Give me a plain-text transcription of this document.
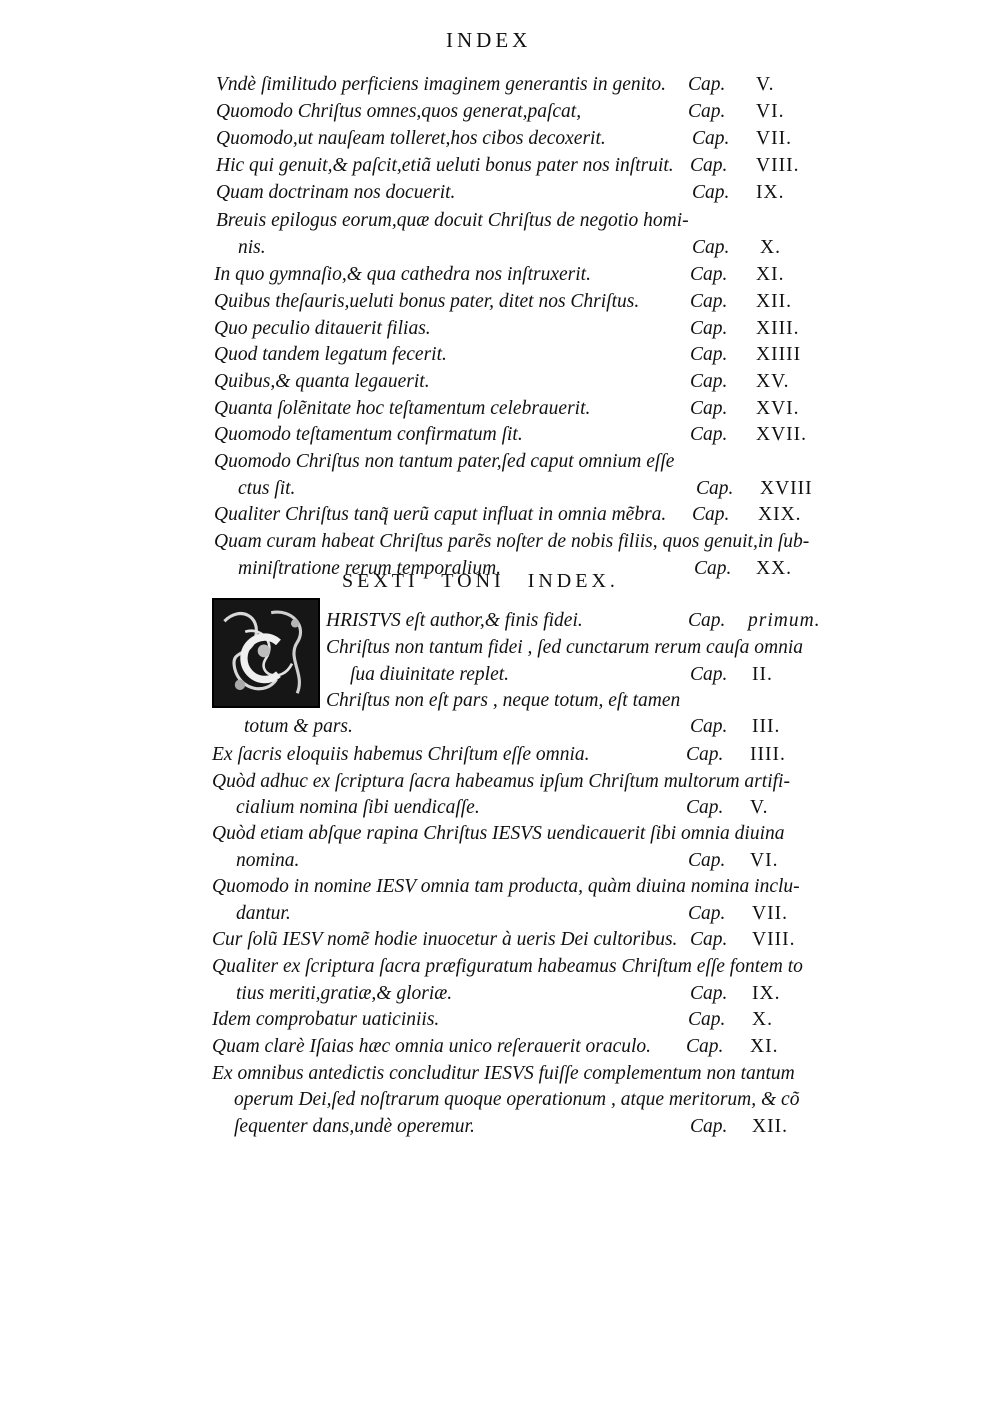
INDEX
Vndè ſimilitudo perficiens imaginem generantis in genito. Cap. V.
Quomodo Chriſtus omnes,quos generat,paſcat,	Cap. VI.
Quomodo,ut nauſeam tolleret,hos cibos decoxerit.	Cap. VII.
Hic qui genuit,& paſcit,etiã ueluti bonus pater nos inſtruit. Cap. VIII.
Quam doctrinam nos docuerit.	Cap. IX.
Breuis epilogus eorum,quæ docuit Chriſtus de negotio homi-
nis.	Cap. X.
In quo gymnaſio,& qua cathedra nos inſtruxerit.	Cap. XI.
Quibus theſauris,ueluti bonus pater, ditet nos Chriſtus.	Cap. XII.
Quo peculio ditauerit filias.	Cap. XIII.
Quod tandem legatum fecerit.	Cap. XIIII
Quibus,& quanta legauerit.	Cap. XV.
Quanta ſolẽnitate hoc teſtamentum celebrauerit.	Cap. XVI.
Quomodo teſtamentum confirmatum ſit.	Cap. XVII.
Quomodo Chriſtus non tantum pater,ſed caput omnium eſſe
ctus ſit.	Cap. XVIII
Qualiter Chriſtus tanq̃ uerũ caput influat in omnia mẽbra. Cap. XIX.
Quam curam habeat Chriſtus parẽs noſter de nobis filiis, quos genuit,in ſub-
miniſtratione rerum temporalium.	Cap. XX.
SEXTI TONI INDEX.
HRISTVS eſt author,& finis fidei.	Cap. primum.
Chriſtus non tantum fidei , ſed cunctarum rerum cauſa omnia
ſua diuinitate replet.	Cap. II.
Chriſtus non eſt pars , neque totum, eſt tamen
totum & pars.	Cap. III.
Ex ſacris eloquiis habemus Chriſtum eſſe omnia.	Cap. IIII.
Quòd adhuc ex ſcriptura ſacra habeamus ipſum Chriſtum multorum artifi-
cialium nomina ſibi uendicaſſe.	Cap. V.
Quòd etiam abſque rapina Chriſtus IESVS uendicauerit ſibi omnia diuina
nomina.	Cap. VI.
Quomodo in nomine IESV omnia tam producta, quàm diuina nomina inclu-
dantur.	Cap. VII.
Cur ſolũ IESV nomẽ hodie inuocetur à ueris Dei cultoribus. Cap. VIII.
Qualiter ex ſcriptura ſacra præfiguratum habeamus Chriſtum eſſe fontem to
tius meriti,gratiæ,& gloriæ.	Cap. IX.
Idem comprobatur uaticiniis.	Cap. X.
Quam clarè Iſaias hæc omnia unico reſerauerit oraculo. Cap. XI.
Ex omnibus antedictis concluditur IESVS fuiſſe complementum non tantum
operum Dei,ſed noſtrarum quoque operationum , atque meritorum, & cõ
ſequenter dans,undè operemur.	Cap. XII.
